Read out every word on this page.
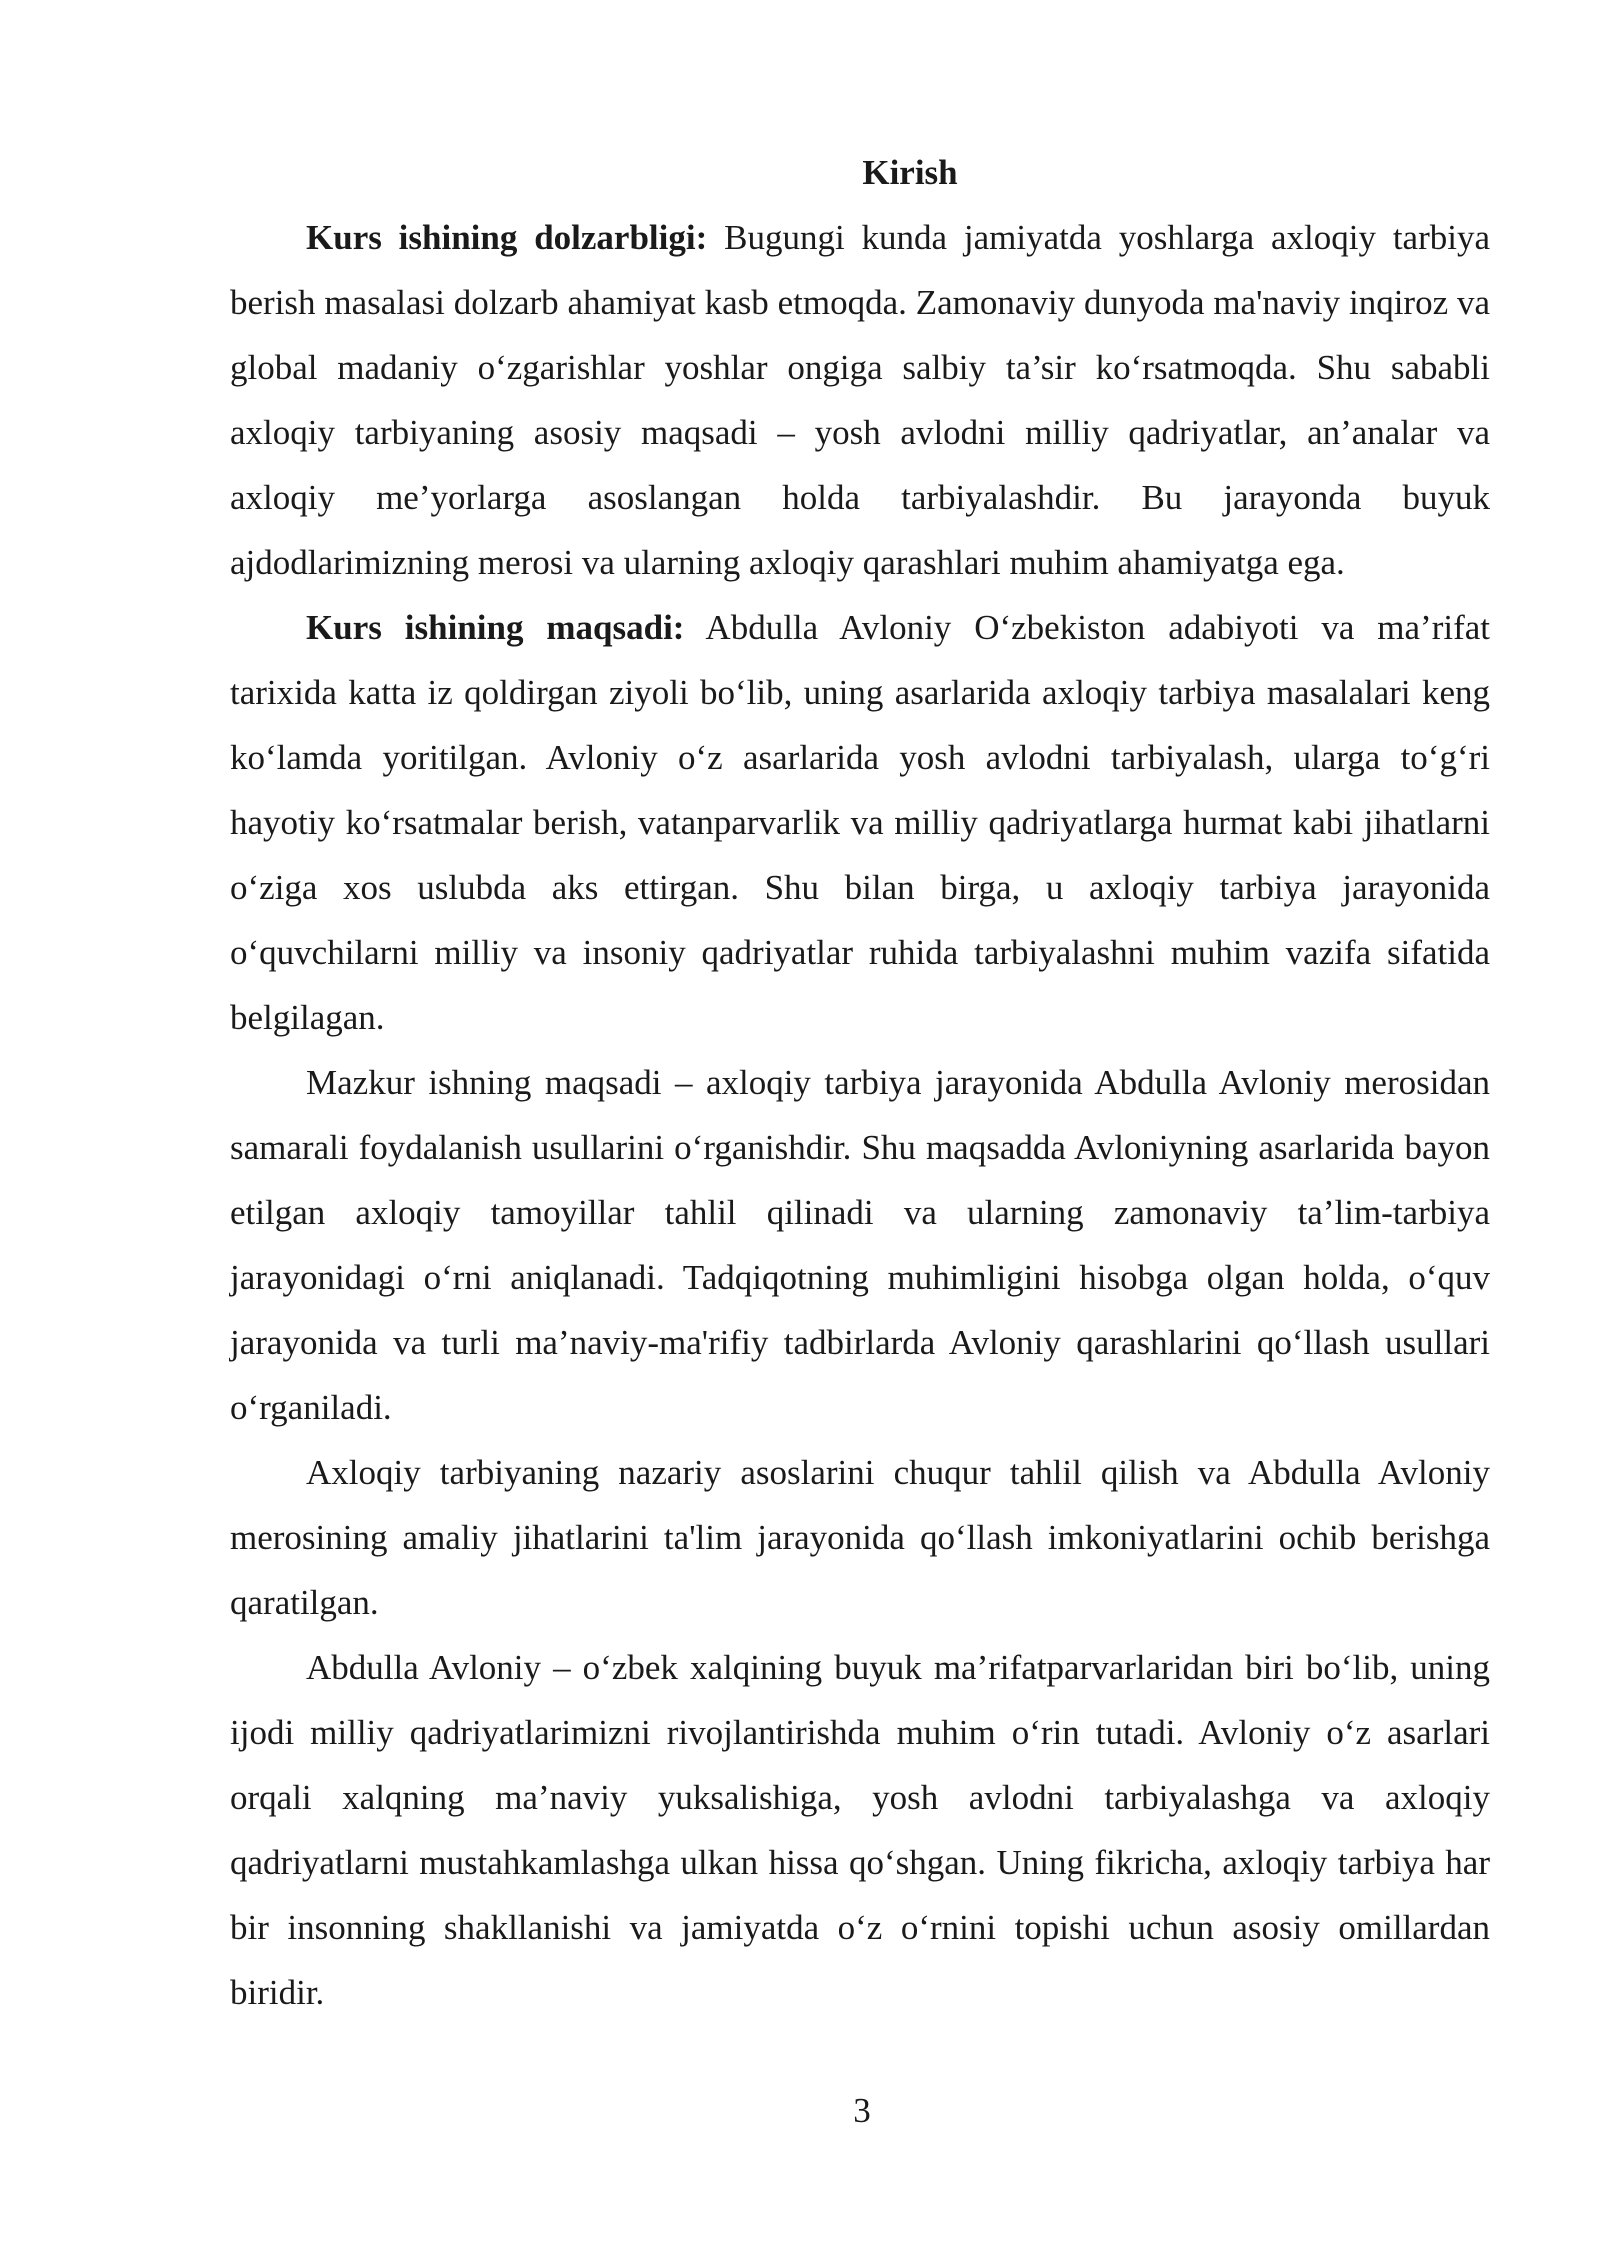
Kirish

Kurs ishining dolzarbligi: Bugungi kunda jamiyatda yoshlarga axloqiy tarbiya berish masalasi dolzarb ahamiyat kasb etmoqda. Zamonaviy dunyoda ma'naviy inqiroz va global madaniy o‘zgarishlar yoshlar ongiga salbiy ta’sir ko‘rsatmoqda. Shu sababli axloqiy tarbiyaning asosiy maqsadi – yosh avlodni milliy qadriyatlar, an’analar va axloqiy me’yorlarga asoslangan holda tarbiyalashdir. Bu jarayonda buyuk ajdodlarimizning merosi va ularning axloqiy qarashlari muhim ahamiyatga ega.

Kurs ishining maqsadi: Abdulla Avloniy O‘zbekiston adabiyoti va ma’rifat tarixida katta iz qoldirgan ziyoli bo‘lib, uning asarlarida axloqiy tarbiya masalalari keng ko‘lamda yoritilgan. Avloniy o‘z asarlarida yosh avlodni tarbiyalash, ularga to‘g‘ri hayotiy ko‘rsatmalar berish, vatanparvarlik va milliy qadriyatlarga hurmat kabi jihatlarni o‘ziga xos uslubda aks ettirgan. Shu bilan birga, u axloqiy tarbiya jarayonida o‘quvchilarni milliy va insoniy qadriyatlar ruhida tarbiyalashni muhim vazifa sifatida belgilagan.

Mazkur ishning maqsadi – axloqiy tarbiya jarayonida Abdulla Avloniy merosidan samarali foydalanish usullarini o‘rganishdir. Shu maqsadda Avloniyning asarlarida bayon etilgan axloqiy tamoyillar tahlil qilinadi va ularning zamonaviy ta’lim-tarbiya jarayonidagi o‘rni aniqlanadi. Tadqiqotning muhimligini hisobga olgan holda, o‘quv jarayonida va turli ma’naviy-ma'rifiy tadbirlarda Avloniy qarashlarini qo‘llash usullari o‘rganiladi.

Axloqiy tarbiyaning nazariy asoslarini chuqur tahlil qilish va Abdulla Avloniy merosining amaliy jihatlarini ta'lim jarayonida qo‘llash imkoniyatlarini ochib berishga qaratilgan.

Abdulla Avloniy – o‘zbek xalqining buyuk ma’rifatparvarlaridan biri bo‘lib, uning ijodi milliy qadriyatlarimizni rivojlantirishda muhim o‘rin tutadi. Avloniy o‘z asarlari orqali xalqning ma’naviy yuksalishiga, yosh avlodni tarbiyalashga va axloqiy qadriyatlarni mustahkamlashga ulkan hissa qo‘shgan. Uning fikricha, axloqiy tarbiya har bir insonning shakllanishi va jamiyatda o‘z o‘rnini topishi uchun asosiy omillardan biridir.

3
